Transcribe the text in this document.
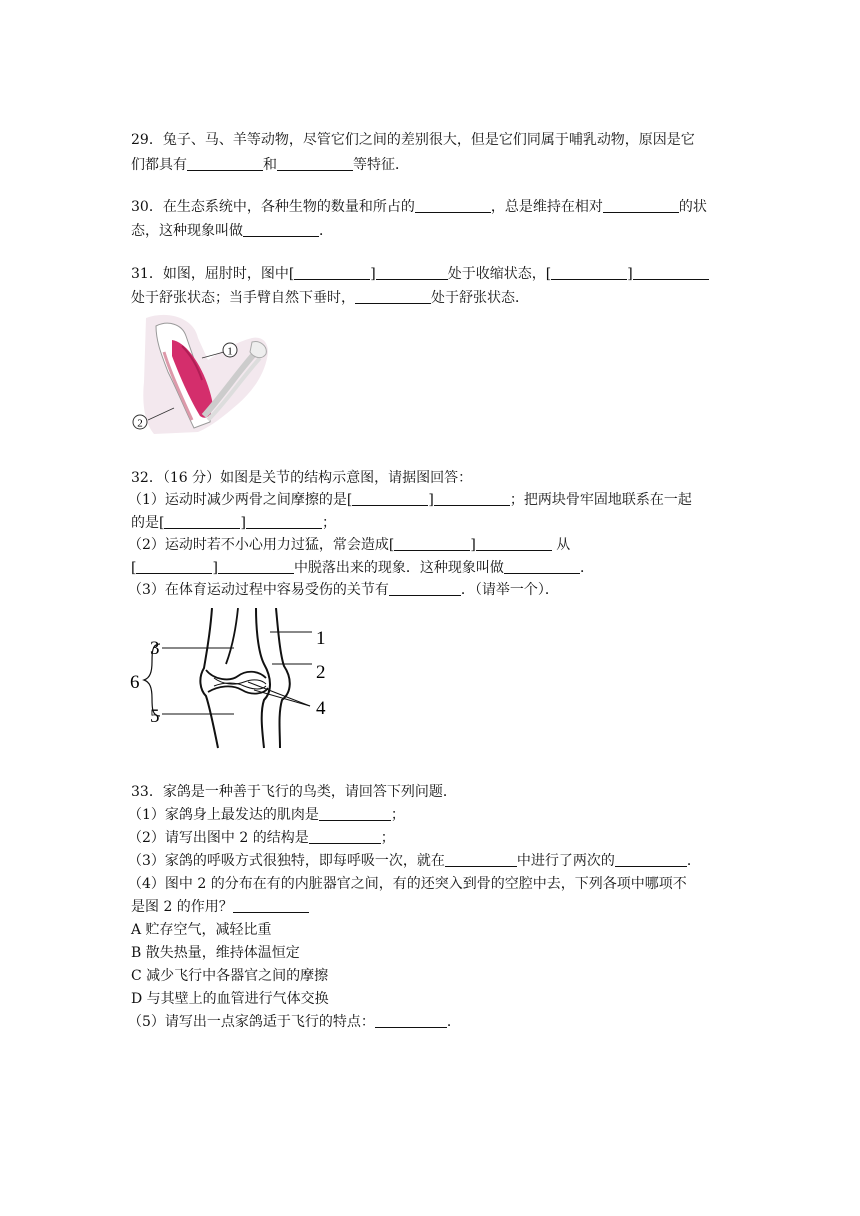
29．兔子、马、羊等动物，尽管它们之间的差别很大，但是它们同属于哺乳动物，原因是它
们都具有	和	等特征．
30．在生态系统中，各种生物的数量和所占的	，总是维持在相对	的状
态，这种现象叫做	．
31．如图，屈肘时，图中[	]	处于收缩状态，[	]
处于舒张状态；当手臂自然下垂时，	处于舒张状态．
1
2
32．（16 分）如图是关节的结构示意图，请据图回答：
（1）运动时减少两骨之间摩擦的是[	]	；把两块骨牢固地联系在一起
的是[	]	；
（2）运动时若不小心用力过猛，常会造成[	]	从
[	]	中脱落出来的现象．这种现象叫做	．
（3）在体育运动过程中容易受伤的关节有	．（请举一个）．
1
2
3
4
5
6
33．家鸽是一种善于飞行的鸟类，请回答下列问题．
（1）家鸽身上最发达的肌肉是	；
（2）请写出图中 2 的结构是	；
（3）家鸽的呼吸方式很独特，即每呼吸一次，就在	中进行了两次的	．
（4）图中 2 的分布在有的内脏器官之间，有的还突入到骨的空腔中去，下列各项中哪项不
是图 2 的作用？
A 贮存空气，减轻比重
B 散失热量，维持体温恒定
C 减少飞行中各器官之间的摩擦
D 与其壁上的血管进行气体交换
（5）请写出一点家鸽适于飞行的特点：	．
